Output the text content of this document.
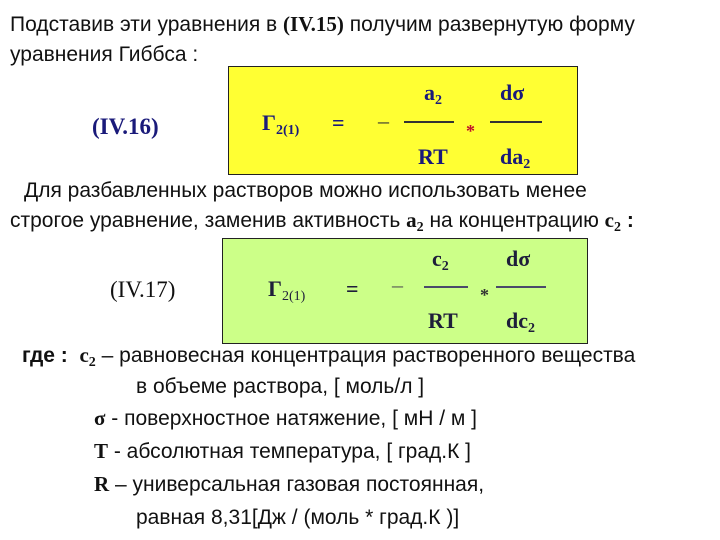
Подставив эти уравнения в (IV.15) получим развернутую форму
уравнения Гиббса :
(IV.16)	$\Gamma_{2(1)}$ = –
$a_2$
RT
*
dσ
$da_2$
Для разбавленных растворов можно использовать менее
строгое уравнение, заменив активность $a_2$ на концентрацию $c_2$ :
(IV.17)	$\Gamma_{2(1)}$ = –
$c_2$
RT
*
dσ
$dc_2$
где : $c_2$ – равновесная концентрация растворенного вещества
в объеме раствора, [ моль/л ]
σ - поверхностное натяжение, [ мН / м ]
T - абсолютная температура, [ град.К ]
R – универсальная газовая постоянная,
равная 8,31[Дж / (моль * град.К )]
